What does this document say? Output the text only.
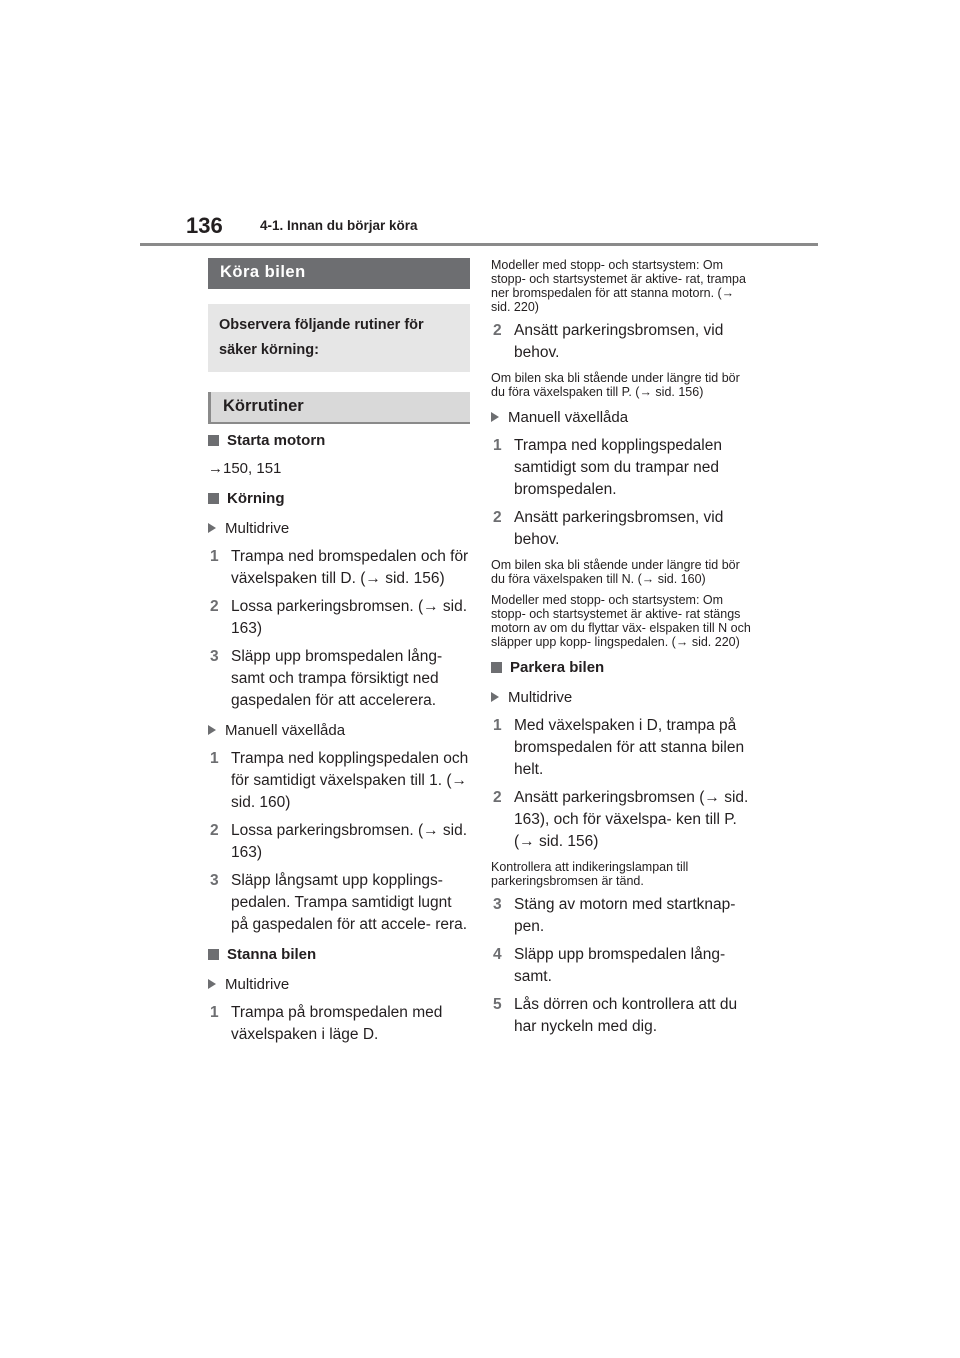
136	4-1. Innan du börjar köra
Köra bilen
Observera följande rutiner för säker körning:
Körrutiner
Starta motorn
→150, 151
Körning
Multidrive
1 Trampa ned bromspedalen och för växelspaken till D. (→ sid. 156)
2 Lossa parkeringsbromsen. (→ sid. 163)
3 Släpp upp bromspedalen lång- samt och trampa försiktigt ned gaspedalen för att accelerera.
Manuell växellåda
1 Trampa ned kopplingspedalen och för samtidigt växelspaken till 1. (→ sid. 160)
2 Lossa parkeringsbromsen. (→ sid. 163)
3 Släpp långsamt upp kopplings- pedalen. Trampa samtidigt lugnt på gaspedalen för att accele- rera.
Stanna bilen
Multidrive
1 Trampa på bromspedalen med växelspaken i läge D.
Modeller med stopp- och startsystem: Om stopp- och startsystemet är aktive- rat, trampa ner bromspedalen för att stanna motorn. (→ sid. 220)
2 Ansätt parkeringsbromsen, vid behov.
Om bilen ska bli stående under längre tid bör du föra växelspaken till P. (→ sid. 156)
Manuell växellåda
1 Trampa ned kopplingspedalen samtidigt som du trampar ned bromspedalen.
2 Ansätt parkeringsbromsen, vid behov.
Om bilen ska bli stående under längre tid bör du föra växelspaken till N. (→ sid. 160)
Modeller med stopp- och startsystem: Om stopp- och startsystemet är aktive- rat stängs motorn av om du flyttar väx- elspaken till N och släpper upp kopp- lingspedalen. (→ sid. 220)
Parkera bilen
Multidrive
1 Med växelspaken i D, trampa på bromspedalen för att stanna bilen helt.
2 Ansätt parkeringsbromsen (→ sid. 163), och för växelspa- ken till P. (→ sid. 156)
Kontrollera att indikeringslampan till parkeringsbromsen är tänd.
3 Stäng av motorn med startknap- pen.
4 Släpp upp bromspedalen lång- samt.
5 Lås dörren och kontrollera att du har nyckeln med dig.
